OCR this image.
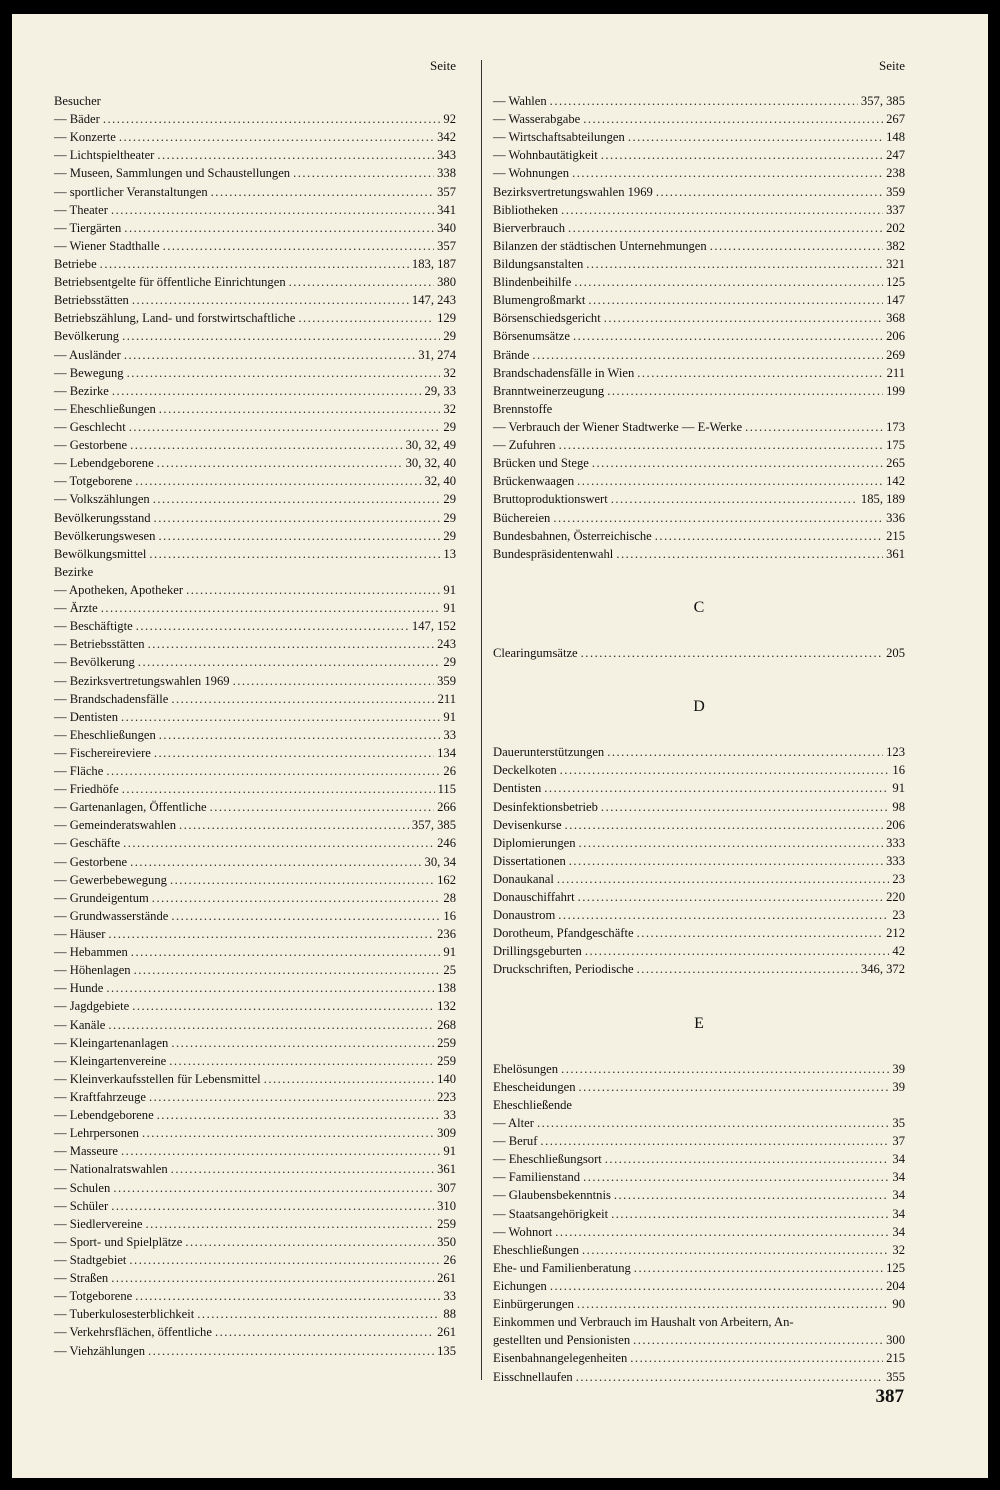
Seite
Besucher
— Bäder .....	92
— Konzerte .....	342
— Lichtspieltheater .....	343
— Museen, Sammlungen und Schaustellungen .....	338
— sportlicher Veranstaltungen .....	357
— Theater .....	341
— Tiergärten .....	340
— Wiener Stadthalle .....	357
Betriebe .....	183, 187
Betriebsentgelte für öffentliche Einrichtungen .....	380
Betriebsstätten .....	147, 243
Betriebszählung, Land- und forstwirtschaftliche .....	129
Bevölkerung .....	29
— Ausländer .....	31, 274
— Bewegung .....	32
— Bezirke .....	29, 33
— Eheschließungen .....	32
— Geschlecht .....	29
— Gestorbene .....	30, 32, 49
— Lebendgeborene .....	30, 32, 40
— Totgeborene .....	32, 40
— Volkszählungen .....	29
Bevölkerungsstand .....	29
Bevölkerungswesen .....	29
Bewölkungsmittel .....	13
Bezirke
— Apotheken, Apotheker .....	91
— Ärzte .....	91
— Beschäftigte .....	147, 152
— Betriebsstätten .....	243
— Bevölkerung .....	29
— Bezirksvertretungswahlen 1969 .....	359
— Brandschadensfälle .....	211
— Dentisten .....	91
— Eheschließungen .....	33
— Fischereireviere .....	134
— Fläche .....	26
— Friedhöfe .....	115
— Gartenanlagen, Öffentliche .....	266
— Gemeinderatswahlen .....	357, 385
— Geschäfte .....	246
— Gestorbene .....	30, 34
— Gewerbebewegung .....	162
— Grundeigentum .....	28
— Grundwasserstände .....	16
— Häuser .....	236
— Hebammen .....	91
— Höhenlagen .....	25
— Hunde .....	138
— Jagdgebiete .....	132
— Kanäle .....	268
— Kleingartenanlagen .....	259
— Kleingartenvereine .....	259
— Kleinverkaufsstellen für Lebensmittel .....	140
— Kraftfahrzeuge .....	223
— Lebendgeborene .....	33
— Lehrpersonen .....	309
— Masseure .....	91
— Nationalratswahlen .....	361
— Schulen .....	307
— Schüler .....	310
— Siedlervereine .....	259
— Sport- und Spielplätze .....	350
— Stadtgebiet .....	26
— Straßen .....	261
— Totgeborene .....	33
— Tuberkulosesterblichkeit .....	88
— Verkehrsflächen, öffentliche .....	261
— Viehzählungen .....	135
Seite
— Wahlen .....	357, 385
— Wasserabgabe .....	267
— Wirtschaftsabteilungen .....	148
— Wohnbautätigkeit .....	247
— Wohnungen .....	238
Bezirksvertretungswahlen 1969 .....	359
Bibliotheken .....	337
Bierverbrauch .....	202
Bilanzen der städtischen Unternehmungen .....	382
Bildungsanstalten .....	321
Blindenbeihilfe .....	125
Blumengroßmarkt .....	147
Börsenschiedsgericht .....	368
Börsenumsätze .....	206
Brände .....	269
Brandschadensfälle in Wien .....	211
Branntweinerzeugung .....	199
Brennstoffe
— Verbrauch der Wiener Stadtwerke — E-Werke .....	173
— Zufuhren .....	175
Brücken und Stege .....	265
Brückenwaagen .....	142
Bruttoproduktionswert .....	185, 189
Büchereien .....	336
Bundesbahnen, Österreichische .....	215
Bundespräsidentenwahl .....	361
C
Clearingumsätze .....	205
D
Dauerunterstützungen .....	123
Deckelkoten .....	16
Dentisten .....	91
Desinfektionsbetrieb .....	98
Devisenkurse .....	206
Diplomierungen .....	333
Dissertationen .....	333
Donaukanal .....	23
Donauschiffahrt .....	220
Donaustrom .....	23
Dorotheum, Pfandgeschäfte .....	212
Drillingsgeburten .....	42
Druckschriften, Periodische .....	346, 372
E
Ehelösungen .....	39
Ehescheidungen .....	39
Eheschließende
— Alter .....	35
— Beruf .....	37
— Eheschließungsort .....	34
— Familienstand .....	34
— Glaubensbekenntnis .....	34
— Staatsangehörigkeit .....	34
— Wohnort .....	34
Eheschließungen .....	32
Ehe- und Familienberatung .....	125
Eichungen .....	204
Einbürgerungen .....	90
Einkommen und Verbrauch im Haushalt von Arbeitern, An-
gestellten und Pensionisten .....	300
Eisenbahnangelegenheiten .....	215
Eisschnellaufen .....	355
387
